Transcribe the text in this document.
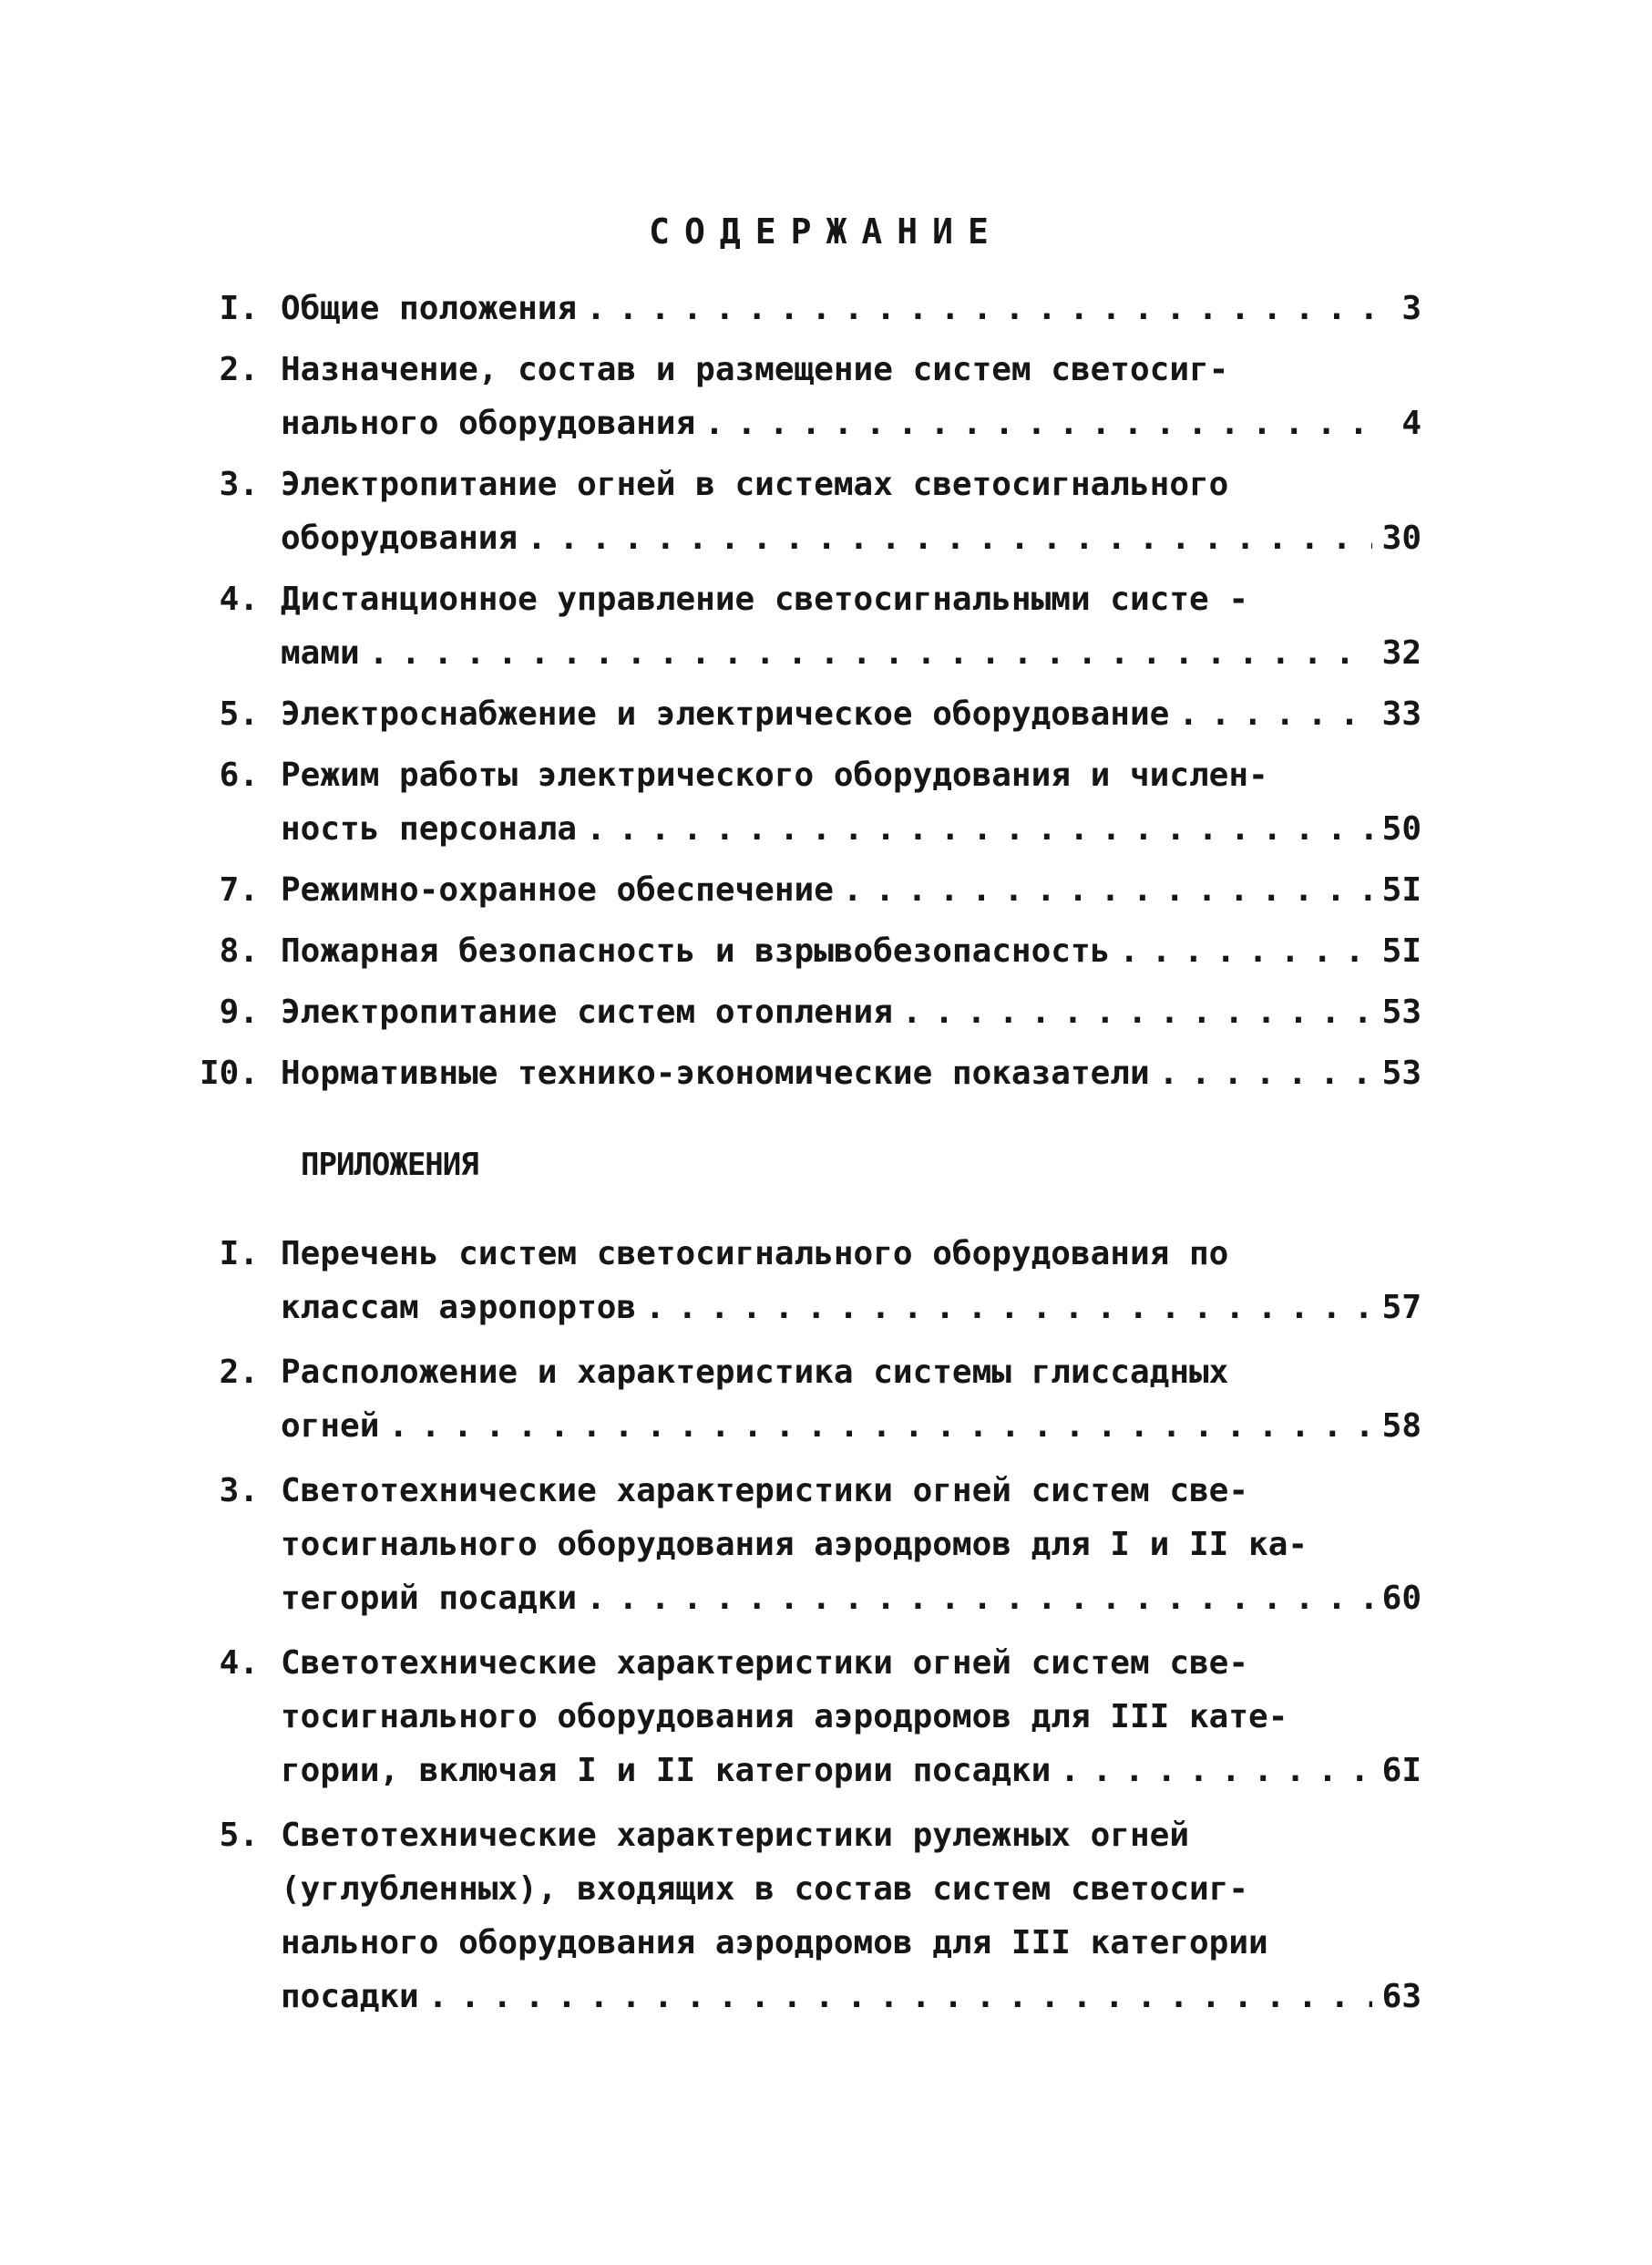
СОДЕРЖАНИЕ
I. Общие положения . . .	3
2. Назначение, состав и размещение систем светосиг-
нального оборудования . . .	4
3. Электропитание огней в системах светосигнального
оборудования . . .	30
4. Дистанционное управление светосигнальными систе -
мами . . .	32
5. Электроснабжение и электрическое оборудование . . .	33
6. Режим работы электрического оборудования и числен-
ность персонала . . .	50
7. Режимно-охранное обеспечение . . .	5I
8. Пожарная безопасность и взрывобезопасность . . .	5I
9. Электропитание систем отопления . . .	53
I0. Нормативные технико-экономические показатели . . .	53
ПРИЛОЖЕНИЯ
I. Перечень систем светосигнального оборудования по
классам аэропортов . . .	57
2. Расположение и характеристика системы глиссадных
огней . . .	58
3. Светотехнические характеристики огней систем све-
тосигнального оборудования аэродромов для I и II ка-
тегорий посадки . . .	60
4. Светотехнические характеристики огней систем све-
тосигнального оборудования аэродромов для III кате-
гории, включая I и II категории посадки . . .	6I
5. Светотехнические характеристики рулежных огней
(углубленных), входящих в состав систем светосиг-
нального оборудования аэродромов для III категории
посадки . . .	63
